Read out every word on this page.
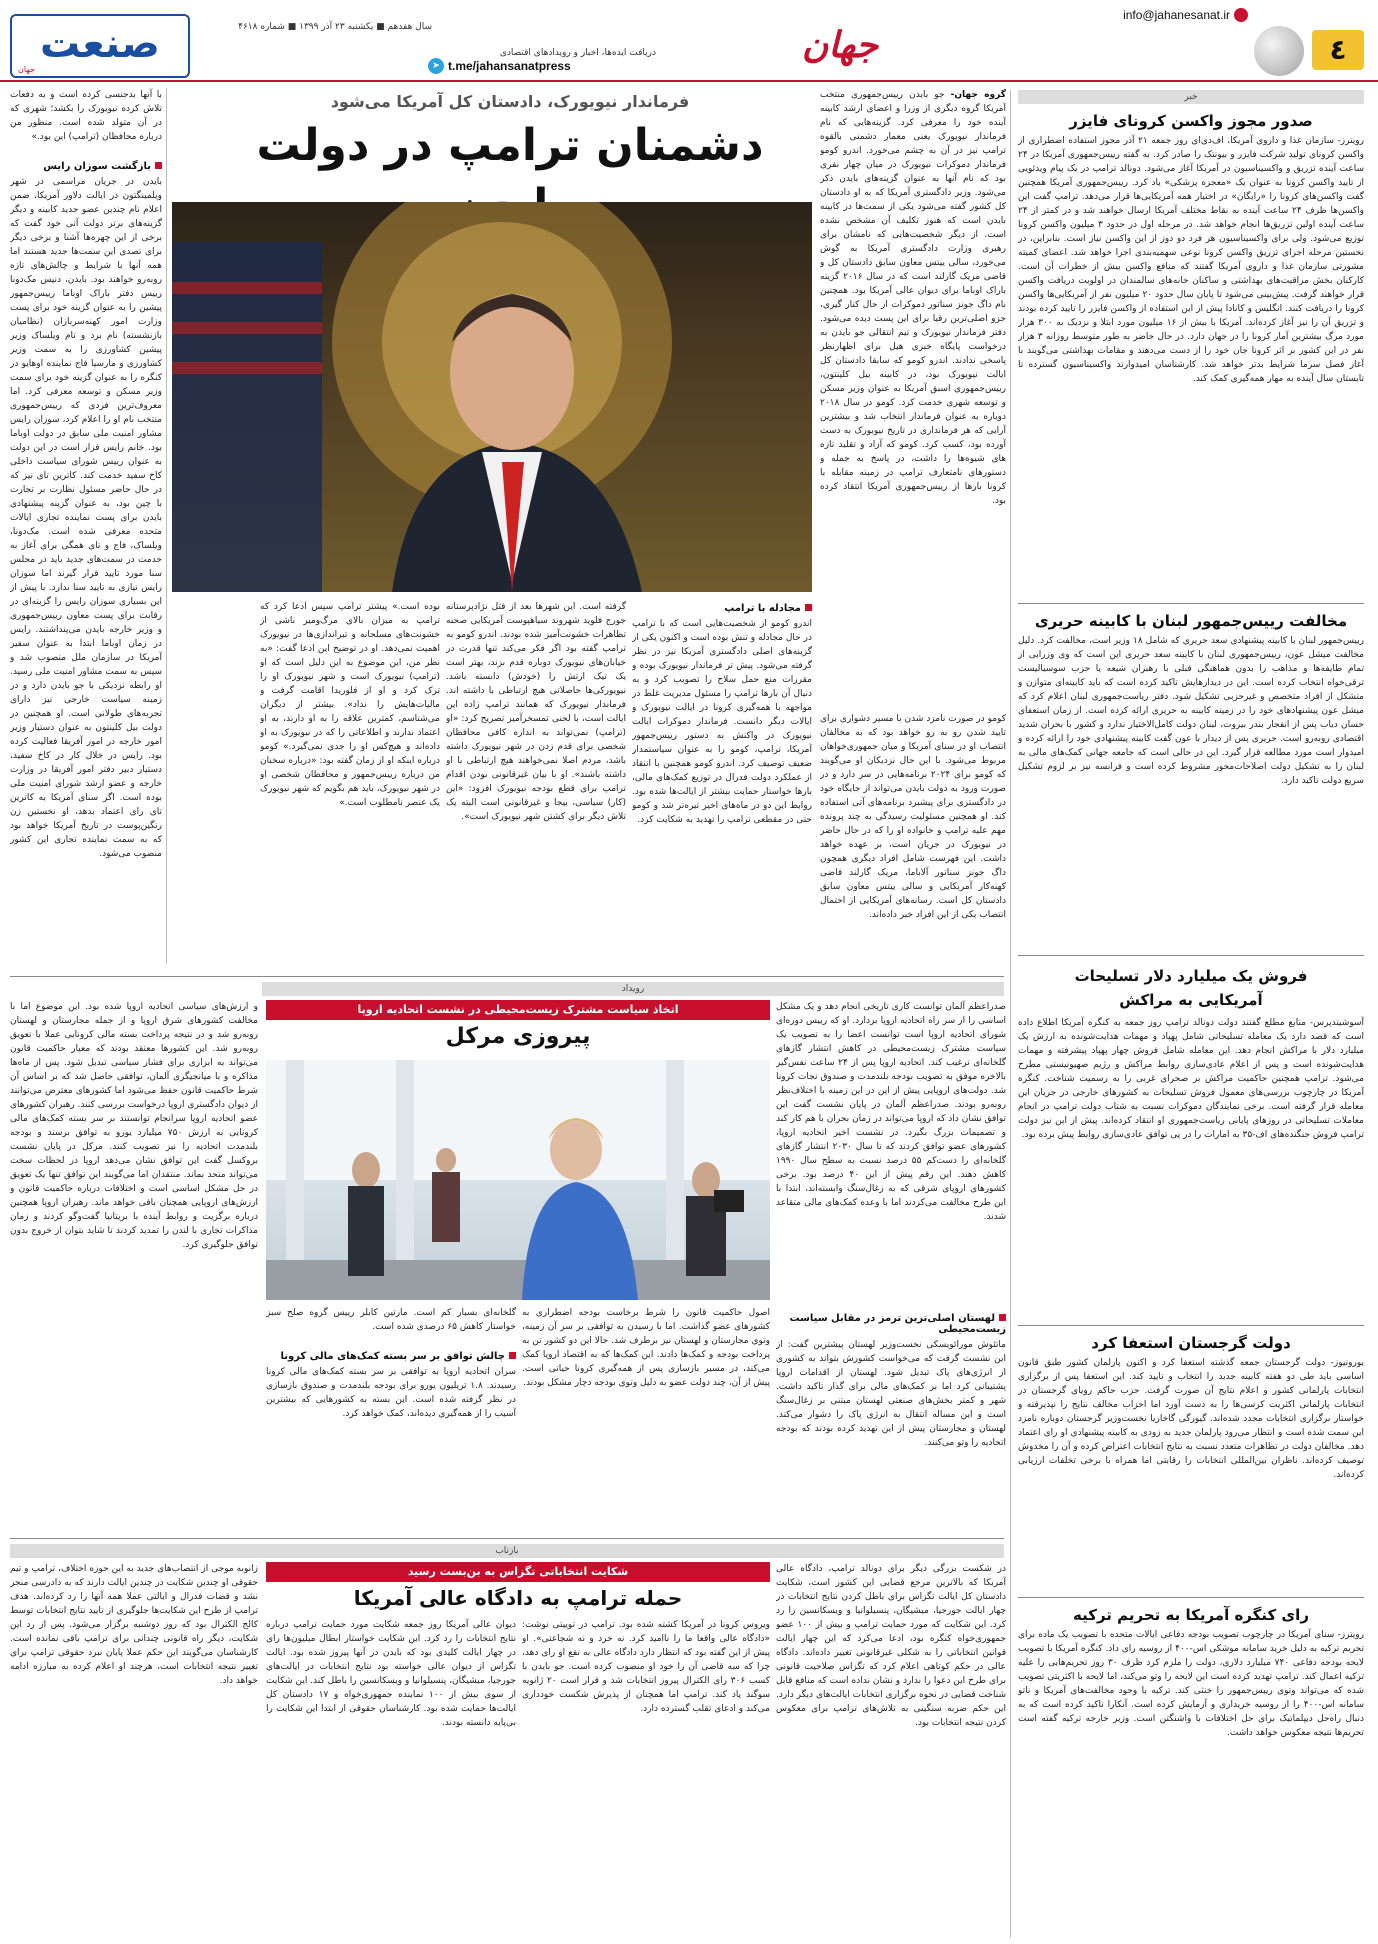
٤
info@jahanesanat.ir
جهان
دریافت ایده‌ها، اخبار و رویدادهای اقتصادی
t.me/jahansanatpress
➤
سال هفدهم ■ یکشنبه ۲۳ آذر ۱۳۹۹ ■ شماره ۴۶۱۸
صنعت
جهان
خبر
صدور مجوز واکسن کرونای فایزر
رویترز- سازمان غذا و داروی آمریکا، اف‌دی‌ای روز جمعه ۲۱ آذر مجوز استفاده اضطراری از واکسن کرونای تولید شرکت فایزر و بیونتک را صادر کرد. به گفته رییس‌جمهوری آمریکا در ۲۴ ساعت آینده تزریق و واکسیناسیون در آمریکا آغاز می‌شود. دونالد ترامپ در یک پیام ویدئویی از تایید واکسن کرونا به عنوان یک «معجزه پزشکی» یاد کرد. رییس‌جمهوری آمریکا همچنین گفت واکسن‌های کرونا را «رایگان» در اختیار همه آمریکایی‌ها قرار می‌دهد. ترامپ گفت این واکسن‌ها ظرف ۲۴ ساعت آینده به نقاط مختلف آمریکا ارسال خواهند شد و در کمتر از ۲۴ ساعت آینده اولین تزریق‌ها انجام خواهد شد. در مرحله اول در حدود ۳ میلیون واکسن کرونا توزیع می‌شود. ولی برای واکسیناسیون هر فرد دو دوز از این واکسن نیاز است. بنابراین، در نخستین مرحله اجرای تزریق واکسن کرونا نوعی سهمیه‌بندی اجرا خواهد شد. اعضای کمیته مشورتی سازمان غذا و داروی آمریکا گفتند که منافع واکسن بیش از خطرات آن است. کارکنان بخش مراقبت‌های بهداشتی و ساکنان خانه‌های سالمندان در اولویت دریافت واکسن قرار خواهند گرفت. پیش‌بینی می‌شود تا پایان سال حدود ۲۰ میلیون نفر از آمریکایی‌ها واکسن کرونا را دریافت کنند. انگلیس و کانادا پیش از این استفاده از واکسن فایزر را تایید کرده بودند و تزریق آن را نیز آغاز کرده‌اند. آمریکا با بیش از ۱۶ میلیون مورد ابتلا و نزدیک به ۳۰۰ هزار مورد مرگ بیشترین آمار کرونا را در جهان دارد. در حال حاضر به طور متوسط روزانه ۳ هزار نفر در این کشور بر اثر کرونا جان خود را از دست می‌دهند و مقامات بهداشتی می‌گویند با آغاز فصل سرما شرایط بدتر خواهد شد. کارشناسان امیدوارند واکسیناسیون گسترده تا تابستان سال آینده به مهار همه‌گیری کمک کند.
مخالفت رییس‌جمهور لبنان با کابینه حریری
رییس‌جمهور لبنان با کابینه پیشنهادی سعد حریری که شامل ۱۸ وزیر است، مخالفت کرد. دلیل مخالفت میشل عون، رییس‌جمهوری لبنان با کابینه سعد حریری این است که وی وزرایی از تمام طایفه‌ها و مذاهب را بدون هماهنگی قبلی با رهبران شیعه یا حزب سوسیالیست ترقی‌خواه انتخاب کرده است. این در دیدارهایش تاکید کرده است که باید کابینه‌ای متوازن و متشکل از افراد متخصص و غیرحزبی تشکیل شود. دفتر ریاست‌جمهوری لبنان اعلام کرد که میشل عون پیشنهادهای خود را در زمینه کابینه به حریری ارائه کرده است. از زمان استعفای حسان دیاب پس از انفجار بندر بیروت، لبنان دولت کامل‌الاختیار ندارد و کشور با بحران شدید اقتصادی روبه‌رو است. حریری پس از دیدار با عون گفت کابینه پیشنهادی خود را ارائه کرده و امیدوار است مورد مطالعه قرار گیرد. این در حالی است که جامعه جهانی کمک‌های مالی به لبنان را به تشکیل دولت اصلاحات‌محور مشروط کرده است و فرانسه نیز بر لزوم تشکیل سریع دولت تاکید دارد.
فروش یک میلیارد دلار تسلیحات آمریکایی به مراکش
آسوشیتدپرس- منابع مطلع گفتند دولت دونالد ترامپ روز جمعه به کنگره آمریکا اطلاع داده است که قصد دارد یک معامله تسلیحاتی شامل پهپاد و مهمات هدایت‌شونده به ارزش یک میلیارد دلار با مراکش انجام دهد. این معامله شامل فروش چهار پهپاد پیشرفته و مهمات هدایت‌شونده است و پس از اعلام عادی‌سازی روابط مراکش و رژیم صهیونیستی مطرح می‌شود. ترامپ همچنین حاکمیت مراکش بر صحرای غربی را به رسمیت شناخت. کنگره آمریکا در چارچوب بررسی‌های معمول فروش تسلیحات به کشورهای خارجی در جریان این معامله قرار گرفته است. برخی نمایندگان دموکرات نسبت به شتاب دولت ترامپ در انجام معاملات تسلیحاتی در روزهای پایانی ریاست‌جمهوری او انتقاد کرده‌اند. پیش از این نیز دولت ترامپ فروش جنگنده‌های اف-۳۵ به امارات را در پی توافق عادی‌سازی روابط پیش برده بود.
دولت گرجستان استعفا کرد
یورونیوز- دولت گرجستان جمعه گذشته استعفا کرد و اکنون پارلمان کشور طبق قانون اساسی باید طی دو هفته کابینه جدید را انتخاب و تایید کند. این استعفا پس از برگزاری انتخابات پارلمانی کشور و اعلام نتایج آن صورت گرفت. حزب حاکم رویای گرجستان در انتخابات پارلمانی اکثریت کرسی‌ها را به دست آورد اما احزاب مخالف نتایج را نپذیرفته و خواستار برگزاری انتخابات مجدد شده‌اند. گیورگی گاخاریا نخست‌وزیر گرجستان دوباره نامزد این سمت شده است و انتظار می‌رود پارلمان جدید به زودی به کابینه پیشنهادی او رای اعتماد دهد. مخالفان دولت در تظاهرات متعدد نسبت به نتایج انتخابات اعتراض کرده و آن را مخدوش توصیف کرده‌اند. ناظران بین‌المللی انتخابات را رقابتی اما همراه با برخی تخلفات ارزیابی کرده‌اند.
رای کنگره آمریکا به تحریم ترکیه
رویترز- سنای آمریکا در چارچوب تصویب بودجه دفاعی ایالات متحده با تصویب یک ماده برای تحریم ترکیه به دلیل خرید سامانه موشکی اس-۴۰۰ از روسیه رای داد. کنگره آمریکا با تصویب لایحه بودجه دفاعی ۷۴۰ میلیارد دلاری، دولت را ملزم کرد ظرف ۳۰ روز تحریم‌هایی را علیه ترکیه اعمال کند. ترامپ تهدید کرده است این لایحه را وتو می‌کند، اما لایحه با اکثریتی تصویب شده که می‌تواند وتوی رییس‌جمهور را خنثی کند. ترکیه با وجود مخالفت‌های آمریکا و ناتو سامانه اس-۴۰۰ را از روسیه خریداری و آزمایش کرده است. آنکارا تاکید کرده است که به دنبال راه‌حل دیپلماتیک برای حل اختلافات با واشنگتن است. وزیر خارجه ترکیه گفته است تحریم‌ها نتیجه معکوس خواهد داشت.
فرماندار نیویورک، دادستان کل آمریکا می‌شود
دشمنان ترامپ در دولت
گروه جهان- جو بایدن رییس‌جمهوری منتخب آمریکا گروه دیگری از وزرا و اعضای ارشد کابینه آینده خود را معرفی کرد. گزینه‌هایی که نام فرماندار نیویورک یعنی معمار دشمنی بالقوه ترامپ نیز در آن به چشم می‌خورد. اندرو کومو فرماندار دموکرات نیویورک در میان چهار نفری بود که نام آنها به عنوان گزینه‌های بایدن ذکر می‌شود. وزیر دادگستری آمریکا که به او دادستان کل کشور گفته می‌شود یکی از سمت‌ها در کابینه بایدن است که هنوز تکلیف آن مشخص نشده است. از دیگر شخصیت‌هایی که نامشان برای رهبری وزارت دادگستری آمریکا به گوش می‌خورد، سالی ییتس معاون سابق دادستان کل و قاضی مریک گارلند است که در سال ۲۰۱۶ گزینه باراک اوباما برای دیوان عالی آمریکا بود. همچنین نام داگ جونز سناتور دموکرات از حال کنار گیری، جزو اصلی‌ترین رقبا برای این پست دیده می‌شود. دفتر فرماندار نیویورک و تیم انتقالی جو بایدن به درخواست پایگاه خبری هیل برای اظهارنظر پاسخی ندادند. اندرو کومو که سابقا دادستان کل ایالت نیویورک بود، در کابینه بیل کلینتون، رییس‌جمهوری اسبق آمریکا به عنوان وزیر مسکن و توسعه شهری خدمت کرد. کومو در سال ۲۰۱۸ دوباره به عنوان فرماندار انتخاب شد و بیشترین آرایی که هر فرمانداری در تاریخ نیویورک به دست آورده بود، کسب کرد. کومو که آزاد و تقلید تازه های شیوه‌ها را داشت، در پاسخ به جمله و دستورهای نامتعارف ترامپ در زمینه مقابله با کرونا بارها از رییس‌جمهوری آمریکا انتقاد کرده بود.
کومو در صورت نامزد شدن با مسیر دشواری برای تایید شدن رو به رو خواهد بود که به مخالفان انتصاب او در سنای آمریکا و میان جمهوری‌خواهان مربوط می‌شود. با این حال نزدیکان او می‌گویند که کومو برای ۲۰۲۴ برنامه‌هایی در سر دارد و در صورت ورود به دولت بایدن می‌تواند از جایگاه خود در دادگستری برای پیشبرد برنامه‌های آتی استفاده کند. او همچنین مسئولیت رسیدگی به چند پرونده مهم علیه ترامپ و خانواده او را که در حال حاضر در نیویورک در جریان است، بر عهده خواهد داشت. این فهرست شامل افراد دیگری همچون داگ جونز سناتور آلاباما، مریک گارلند قاضی کهنه‌کار آمریکایی و سالی ییتس معاون سابق دادستان کل است. رسانه‌های آمریکایی از احتمال انتصاب یکی از این افراد خبر داده‌اند.
مجادله با ترامپ
اندرو کومو از شخصیت‌هایی است که با ترامپ در حال مجادله و تنش بوده است و اکنون یکی از گزینه‌های اصلی دادگستری آمریکا نیز در نظر گرفته می‌شود. پیش تر فرماندار نیویورک بوده و مقررات منع حمل سلاح را تصویب کرد و به دنبال آن بارها ترامپ را مسئول مدیریت غلط در مواجهه با همه‌گیری کرونا در ایالت نیویورک و ایالات دیگر دانست. فرماندار دموکرات ایالت نیویورک در واکنش به دستور رییس‌جمهور آمریکا، ترامپ، کومو را به عنوان سیاستمدار ضعیف توصیف کرد. اندرو کومو همچنین با انتقاد از عملکرد دولت فدرال در توزیع کمک‌های مالی، بارها خواستار حمایت بیشتر از ایالت‌ها شده بود. روابط این دو در ماه‌های اخیر تیره‌تر شد و کومو حتی در مقطعی ترامپ را تهدید به شکایت کرد.
گرفته است. این شهرها بعد از قتل نژادپرستانه جورج فلوید شهروند سیاهپوست آمریکایی صحنه تظاهرات خشونت‌آمیز شده بودند. اندرو کومو به ترامپ گفته بود اگر فکر می‌کند تنها قدرت در خیابان‌های نیویورک دوباره قدم بزند، بهتر است یک تیک ارتش را (خودش) دانسته باشد. نیویورکی‌ها حاصلاتی هیچ ارتباطی با داشته اند. فرماندار نیویورک که همانند ترامپ زاده این ایالت است، با لحنی تمسخرآمیز تصریح کرد: «او (ترامپ) نمی‌تواند به اندازه کافی محافظان شخصی برای قدم زدن در شهر نیویورک داشته باشد، مردم اصلا نمی‌خواهند هیچ ارتباطی با او داشته باشند». او با بیان غیرقانونی بودن اقدام ترامپ برای قطع بودجه نیویورک افزود: «این (کار) سیاسی، بیجا و غیرقانونی است البته یک تلاش دیگر برای کشتن شهر نیویورک است».
بوده است.» پیشتر ترامپ سپس ادعا کرد که ترامپ به میزان بالای مرگ‌ومیر ناشی از خشونت‌های مسلحانه و تیراندازی‌ها در نیویورک اهمیت نمی‌دهد. او در توضیح این ادعا گفت: «به نظر من، این موضوع به این دلیل است که او (ترامپ) نیویورک است و شهر نیویورک او را ترک کرد و او از فلوریدا اقامت گرفت و مالیات‌هایش را نداد». بیشتر از دیگران می‌شناسم، کمترین علاقه را به او دارند، به او اعتماد ندارند و اطلاعاتی را که در نیویورک به او داده‌اند و هیچ‌کس او را جدی نمی‌گیرد.» کومو درباره اینکه او از زمان گفته بود: «درباره سخنان من درباره رییس‌جمهور و محافظان شخصی او در شهر نیویورک، باید هم بگویم که شهر نیویورک یک عنصر نامطلوب است.»
با آنها بدجنسی کرده است و به دفعات تلاش کرده نیویورک را بکشد؛ شهری که در آن متولد شده است. منظور من درباره محافظان (ترامپ) این بود.»
بازگشت سوزان رایس
بایدن در جریان مراسمی در شهر ویلمینگتون در ایالت دلاور آمریکا، ضمن اعلام نام چندین عضو جدید کابینه و دیگر گزینه‌های برتر دولت آتی خود گفت که برخی از این چهره‌ها آشنا و برخی دیگر برای تصدی این سمت‌ها جدید هستند اما همه آنها با شرایط و چالش‌های تازه روبه‌رو خواهند بود. بایدن، دنیس مک‌دونا رییس دفتر باراک اوباما رییس‌جمهور پیشین را به عنوان گزینه خود برای پست وزارت امور کهنه‌سربازان (نظامیان بازنشسته) نام برد و تام ویلساک وزیر پیشین کشاورزی را به سمت وزیر کشاورزی و مارسیا فاج نماینده اوهایو در کنگره را به عنوان گزینه خود برای سمت وزیر مسکن و توسعه معرفی کرد. اما معروف‌ترین فردی که رییس‌جمهوری منتخب نام او را اعلام کرد، سوزان رایس مشاور امنیت ملی سابق در دولت اوباما بود. خانم رایس قرار است در این دولت به عنوان رییس شورای سیاست داخلی کاخ سفید خدمت کند. کاترین تای نیز که در حال حاضر مسئول نظارت بر تجارت با چین بود، به عنوان گزینه پیشنهادی بایدن برای پست نماینده تجاری ایالات متحده معرفی شده است. مک‌دونا، ویلساک، فاج و تای همگی برای آغاز به خدمت در سمت‌های جدید باید در مجلس سنا مورد تایید قرار گیرند اما سوزان رایس نیازی به تایید سنا ندارد. با پیش از این بسیاری سوزان رایس را گزینه‌ای در رقابت برای پست معاون رییس‌جمهوری و وزیر خارجه بایدن می‌پنداشتند. رایس در زمان اوباما ابتدا به عنوان سفیر آمریکا در سازمان ملل منصوب شد و سپس به سمت مشاور امنیت ملی رسید. او رابطه نزدیکی با جو بایدن دارد و در زمینه سیاست خارجی نیز دارای تجربه‌های طولانی است. او همچنین در دولت بیل کلینتون به عنوان دستیار وزیر امور خارجه در امور آفریقا فعالیت کرده بود. رایس در خلال کار در کاخ سفید، دستیار دبیر دفتر امور آفریقا در وزارت خارجه و عضو ارشد شورای امنیت ملی بوده است. اگر سنای آمریکا به کاترین تای رای اعتماد بدهد، او نخستین زن رنگین‌پوست در تاریخ آمریکا خواهد بود که به سمت نماینده تجاری این کشور منصوب می‌شود.
رویداد
اتخاذ سیاست مشترک زیست‌محیطی در نشست اتحادیه اروپا
پیروزی مرکل
صدراعظم آلمان توانست کاری تاریخی انجام دهد و یک مشکل اساسی را از سر راه اتحادیه اروپا بردارد. او که رییس دوره‌ای شورای اتحادیه اروپا است توانست اعضا را به تصویب یک سیاست مشترک زیست‌محیطی در کاهش انتشار گازهای گلخانه‌ای ترغیب کند. اتحادیه اروپا پس از ۲۴ ساعت نفس‌گیر بالاخره موفق به تصویب بودجه بلندمدت و صندوق نجات کرونا شد. دولت‌های اروپایی پیش از این در این زمینه با اختلاف‌نظر روبه‌رو بودند. صدراعظم آلمان در پایان نشست گفت این توافق نشان داد که اروپا می‌تواند در زمان بحران با هم کار کند و تصمیمات بزرگ بگیرد. در نشست اخیر اتحادیه اروپا، کشورهای عضو توافق کردند که تا سال ۲۰۳۰ انتشار گازهای گلخانه‌ای را دست‌کم ۵۵ درصد نسبت به سطح سال ۱۹۹۰ کاهش دهند. این رقم پیش از این ۴۰ درصد بود. برخی کشورهای اروپای شرقی که به زغال‌سنگ وابسته‌اند، ابتدا با این طرح مخالفت می‌کردند اما با وعده کمک‌های مالی متقاعد شدند.
لهستان اصلی‌ترین ترمز در مقابل سیاست زیست‌محیطی
ماتئوش مورائویسکی نخست‌وزیر لهستان پیشترین گفت: از این نشست گرفت که می‌خواست کشورش بتواند به کشوری از انرژی‌های پاک تبدیل شود. لهستان از اقدامات اروپا پشتیبانی کرد اما بر کمک‌های مالی برای گذار تاکید داشت. شهر و کمتر بخش‌های صنعتی لهستان مبتنی بر زغال‌سنگ است و این مساله انتقال به انرژی پاک را دشوار می‌کند. لهستان و مجارستان پیش از این تهدید کرده بودند که بودجه اتحادیه را وتو می‌کنند.
اصول حاکمیت قانون را شرط برخاست بودجه اضطراری به کشورهای عضو گذاشت. اما با رسیدن به توافقی بر سر آن زمینه، وتوی مجارستان و لهستان نیز برطرف شد. حالا این دو کشور تن به پرداخت بودجه و کمک‌ها دادند. این کمک‌ها که به اقتصاد اروپا کمک می‌کند، در مسیر بازسازی پس از همه‌گیری کرونا حیاتی است. پیش از آن، چند دولت عضو به دلیل وتوی بودجه دچار مشکل بودند.
گلخانه‌ای بسیار کم است. مارتین کابلر رییس گروه صلح سبز خواستار کاهش ۶۵ درصدی شده است.
چالش توافق بر سر بسته کمک‌های مالی کرونا
سران اتحادیه اروپا به توافقی بر سر بسته کمک‌های مالی کرونا رسیدند. ۱.۸ تریلیون یورو برای بودجه بلندمدت و صندوق بازسازی در نظر گرفته شده است. این بسته به کشورهایی که بیشترین آسیب را از همه‌گیری دیده‌اند، کمک خواهد کرد.
و ارزش‌های سیاسی اتحادیه اروپا شده بود. این موضوع اما با مخالفت کشورهای شرق اروپا و از جمله مجارستان و لهستان روبه‌رو شد و در نتیجه پرداخت بسته مالی کرونایی عملا با تعویق روبه‌رو شد. این کشورها معتقد بودند که معیار حاکمیت قانون می‌تواند به ابزاری برای فشار سیاسی تبدیل شود. پس از ماه‌ها مذاکره و با میانجیگری آلمان، توافقی حاصل شد که بر اساس آن شرط حاکمیت قانون حفظ می‌شود اما کشورهای معترض می‌توانند از دیوان دادگستری اروپا درخواست بررسی کنند. رهبران کشورهای عضو اتحادیه اروپا سرانجام توانستند بر سر بسته کمک‌های مالی کرونایی به ارزش ۷۵۰ میلیارد یورو به توافق برسند و بودجه بلندمدت اتحادیه را نیز تصویب کنند. مرکل در پایان نشست بروکسل گفت این توافق نشان می‌دهد اروپا در لحظات سخت می‌تواند متحد بماند. منتقدان اما می‌گویند این توافق تنها یک تعویق در حل مشکل اساسی است و اختلافات درباره حاکمیت قانون و ارزش‌های اروپایی همچنان باقی خواهد ماند. رهبران اروپا همچنین درباره برگزیت و روابط آینده با بریتانیا گفت‌وگو کردند و زمان مذاکرات تجاری با لندن را تمدید کردند تا شاید بتوان از خروج بدون توافق جلوگیری کرد.
بازتاب
شکایت انتخاباتی تگزاس به بن‌بست رسید
حمله ترامپ به دادگاه عالی آمریکا
در شکست بزرگی دیگر برای دونالد ترامپ، دادگاه عالی آمریکا که بالاترین مرجع قضایی این کشور است، شکایت دادستان کل ایالت تگزاس برای باطل کردن نتایج انتخابات در چهار ایالت جورجیا، میشیگان، پنسیلوانیا و ویسکانسین را رد کرد. این شکایت که مورد حمایت ترامپ و بیش از ۱۰۰ عضو جمهوری‌خواه کنگره بود، ادعا می‌کرد که این چهار ایالت قوانین انتخاباتی را به شکلی غیرقانونی تغییر داده‌اند. دادگاه عالی در حکم کوتاهی اعلام کرد که تگزاس صلاحیت قانونی برای طرح این دعوا را ندارد و نشان نداده است که منافع قابل شناخت قضایی در نحوه برگزاری انتخابات ایالت‌های دیگر دارد. این حکم ضربه سنگینی به تلاش‌های ترامپ برای معکوس کردن نتیجه انتخابات بود.
ویروس کرونا در آمریکا کشته شده بود. ترامپ در توییتی نوشت: «دادگاه عالی واقعا ما را ناامید کرد. نه خرد و نه شجاعتی». او پیش از این گفته بود که انتظار دارد دادگاه عالی به نفع او رای دهد، چرا که سه قاضی آن را خود او منصوب کرده است. جو بایدن با کسب ۳۰۶ رای الکترال پیروز انتخابات شد و قرار است ۲۰ ژانویه سوگند یاد کند. ترامپ اما همچنان از پذیرش شکست خودداری می‌کند و ادعای تقلب گسترده دارد.
دیوان عالی آمریکا روز جمعه شکایت مورد حمایت ترامپ درباره نتایج انتخابات را رد کرد. این شکایت خواستار ابطال میلیون‌ها رای در چهار ایالت کلیدی بود که بایدن در آنها پیروز شده بود. ایالت تگزاس از دیوان عالی خواسته بود نتایج انتخابات در ایالت‌های جورجیا، میشیگان، پنسیلوانیا و ویسکانسین را باطل کند. این شکایت از سوی بیش از ۱۰۰ نماینده جمهوری‌خواه و ۱۷ دادستان کل ایالت‌ها حمایت شده بود. کارشناسان حقوقی از ابتدا این شکایت را بی‌پایه دانسته بودند.
زانوبه موجی از انتصاب‌های جدید به این حوزه اختلاف، ترامپ و تیم حقوقی او چندین شکایت در چندین ایالت دارند که به دادرسی منجر نشد و قضات فدرال و ایالتی عملا همه آنها را رد کرده‌اند. هدف ترامپ از طرح این شکایت‌ها جلوگیری از تایید نتایج انتخابات توسط کالج الکترال بود که روز دوشنبه برگزار می‌شود. پس از رد این شکایت، دیگر راه قانونی چندانی برای ترامپ باقی نمانده است. کارشناسان می‌گویند این حکم عملا پایان نبرد حقوقی ترامپ برای تغییر نتیجه انتخابات است، هرچند او اعلام کرده به مبارزه ادامه خواهد داد.
